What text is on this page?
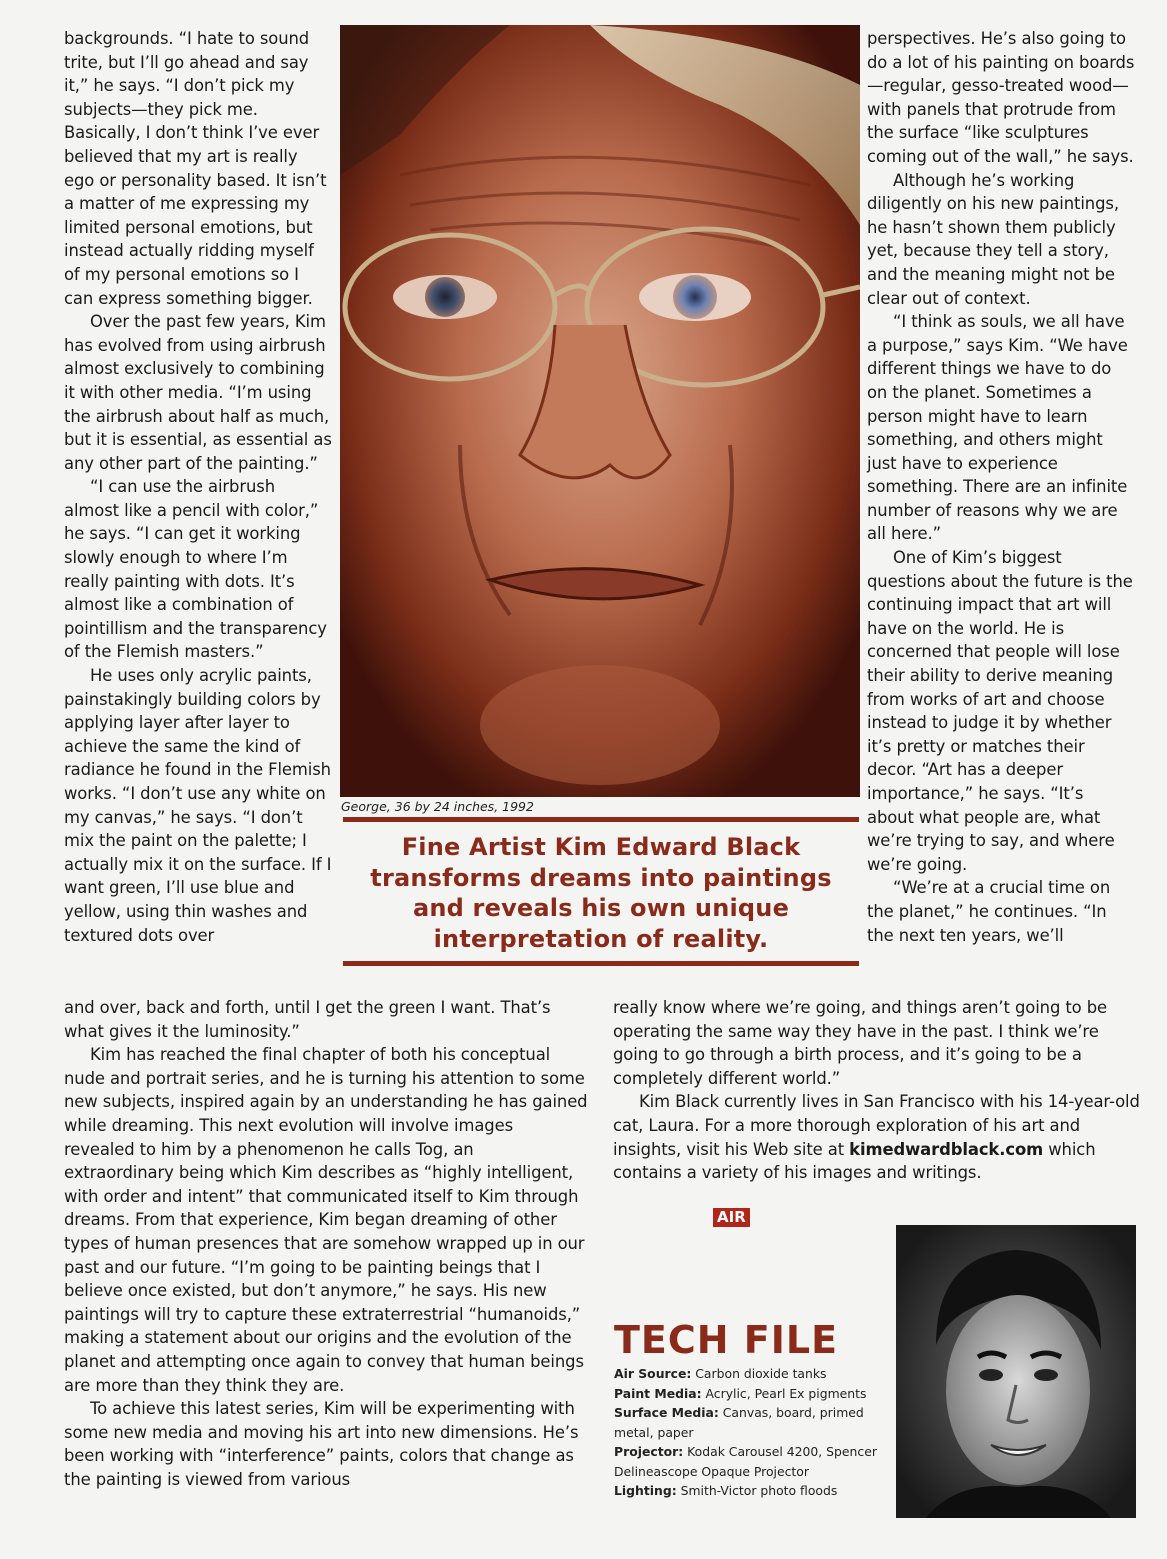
backgrounds. “I hate to sound trite, but I’ll go ahead and say it,” he says. “I don’t pick my subjects—they pick me. Basically, I don’t think I’ve ever believed that my art is really ego or personality based. It isn’t a matter of me expressing my limited personal emotions, but instead actually ridding myself of my personal emotions so I can express something bigger.

Over the past few years, Kim has evolved from using airbrush almost exclusively to combining it with other media. “I’m using the airbrush about half as much, but it is essential, as essential as any other part of the painting.”

“I can use the airbrush almost like a pencil with color,” he says. “I can get it working slowly enough to where I’m really painting with dots. It’s almost like a combination of pointillism and the transparency of the Flemish masters.”

He uses only acrylic paints, painstakingly building colors by applying layer after layer to achieve the same the kind of radiance he found in the Flemish works. “I don’t use any white on my canvas,” he says. “I don’t mix the paint on the palette; I actually mix it on the surface. If I want green, I’ll use blue and yellow, using thin washes and textured dots over

George, 36 by 24 inches, 1992
Fine Artist Kim Edward Black transforms dreams into paintings and reveals his own unique interpretation of reality.

perspectives. He’s also going to do a lot of his painting on boards—regular, gesso-treated wood—with panels that protrude from the surface “like sculptures coming out of the wall,” he says.

Although he’s working diligently on his new paintings, he hasn’t shown them publicly yet, because they tell a story, and the meaning might not be clear out of context.

“I think as souls, we all have a purpose,” says Kim. “We have different things we have to do on the planet. Sometimes a person might have to learn something, and others might just have to experience something. There are an infinite number of reasons why we are all here.”

One of Kim’s biggest questions about the future is the continuing impact that art will have on the world. He is concerned that people will lose their ability to derive meaning from works of art and choose instead to judge it by whether it’s pretty or matches their decor. “Art has a deeper importance,” he says. “It’s about what people are, what we’re trying to say, and where we’re going.

“We’re at a crucial time on the planet,” he continues. “In the next ten years, we’ll

and over, back and forth, until I get the green I want. That’s what gives it the luminosity.”

Kim has reached the final chapter of both his conceptual nude and portrait series, and he is turning his attention to some new subjects, inspired again by an understanding he has gained while dreaming. This next evolution will involve images revealed to him by a phenomenon he calls Tog, an extraordinary being which Kim describes as “highly intelligent, with order and intent” that communicated itself to Kim through dreams. From that experience, Kim began dreaming of other types of human presences that are somehow wrapped up in our past and our future. “I’m going to be painting beings that I believe once existed, but don’t anymore,” he says. His new paintings will try to capture these extraterrestrial “humanoids,” making a statement about our origins and the evolution of the planet and attempting once again to convey that human beings are more than they think they are.

To achieve this latest series, Kim will be experimenting with some new media and moving his art into new dimensions. He’s been working with “interference” paints, colors that change as the painting is viewed from various

really know where we’re going, and things aren’t going to be operating the same way they have in the past. I think we’re going to go through a birth process, and it’s going to be a completely different world.”

Kim Black currently lives in San Francisco with his 14-year-old cat, Laura. For a more thorough exploration of his art and insights, visit his Web site at kimedwardblack.com which contains a variety of his images and writings.

AIR
TECH FILE
Air Source: Carbon dioxide tanks
Paint Media: Acrylic, Pearl Ex pigments
Surface Media: Canvas, board, primed metal, paper
Projector: Kodak Carousel 4200, Spencer Delineascope Opaque Projector
Lighting: Smith-Victor photo floods
